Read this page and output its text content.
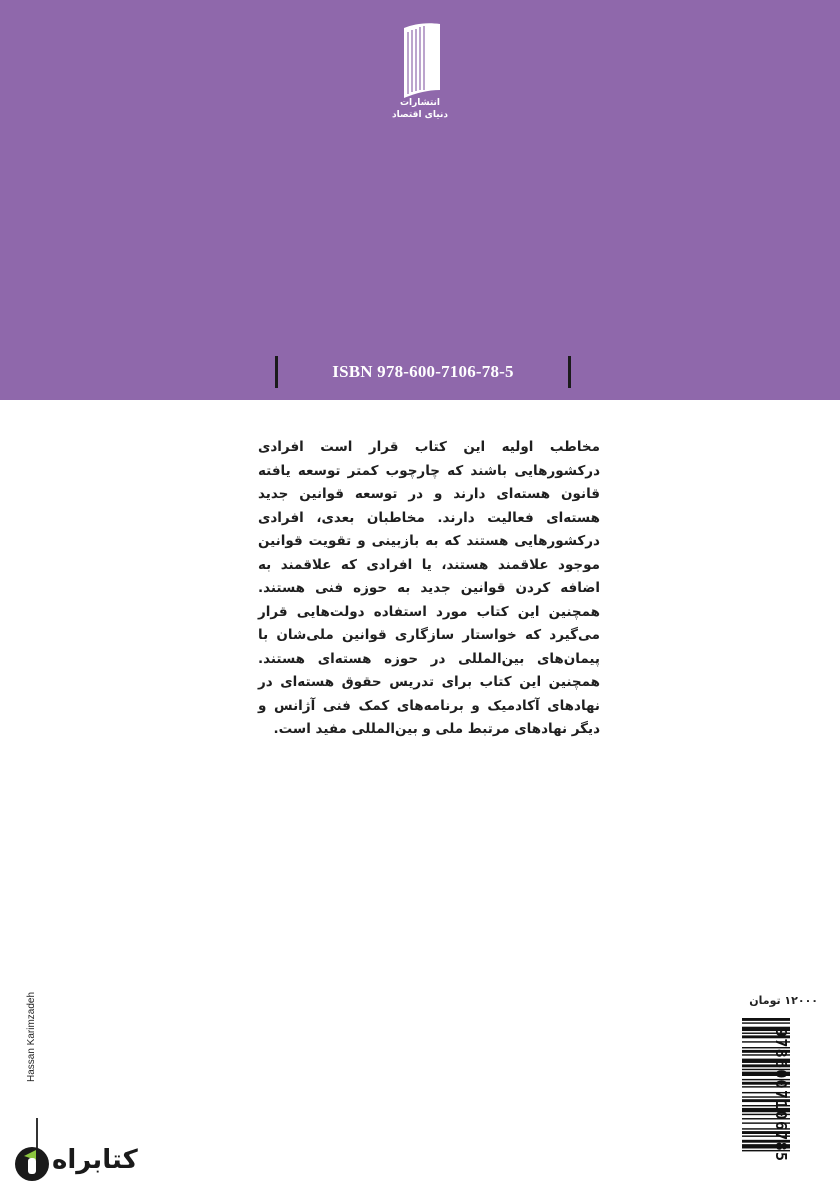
انتشارات
دنیای اقتصاد
ISBN 978-600-7106-78-5
مخاطب اولیه این کتاب قرار است افرادی درکشورهایی باشند که چارچوب کمتر توسعه یافته قانون هسته‌ای دارند و در توسعه قوانین جدید هسته‌ای فعالیت دارند. مخاطبان بعدی، افرادی درکشورهایی هستند که به بازبینی و تقویت قوانین موجود علاقمند هستند، یا افرادی که علاقمند به اضافه کردن قوانین جدید به حوزه فنی هستند. همچنین این کتاب مورد استفاده دولت‌هایی قرار می‌گیرد که خواستار سازگاری قوانین ملی‌شان با پیمان‌های بین‌المللی در حوزه هسته‌ای هستند. همچنین این کتاب برای تدریس حقوق هسته‌ای در نهادهای آکادمیک و برنامه‌های کمک فنی آژانس و دیگر نهادهای مرتبط ملی و بین‌المللی مفید است.
۱۲۰۰۰ تومان
9786007106785
Hassan Karimzadeh
کتابراه
